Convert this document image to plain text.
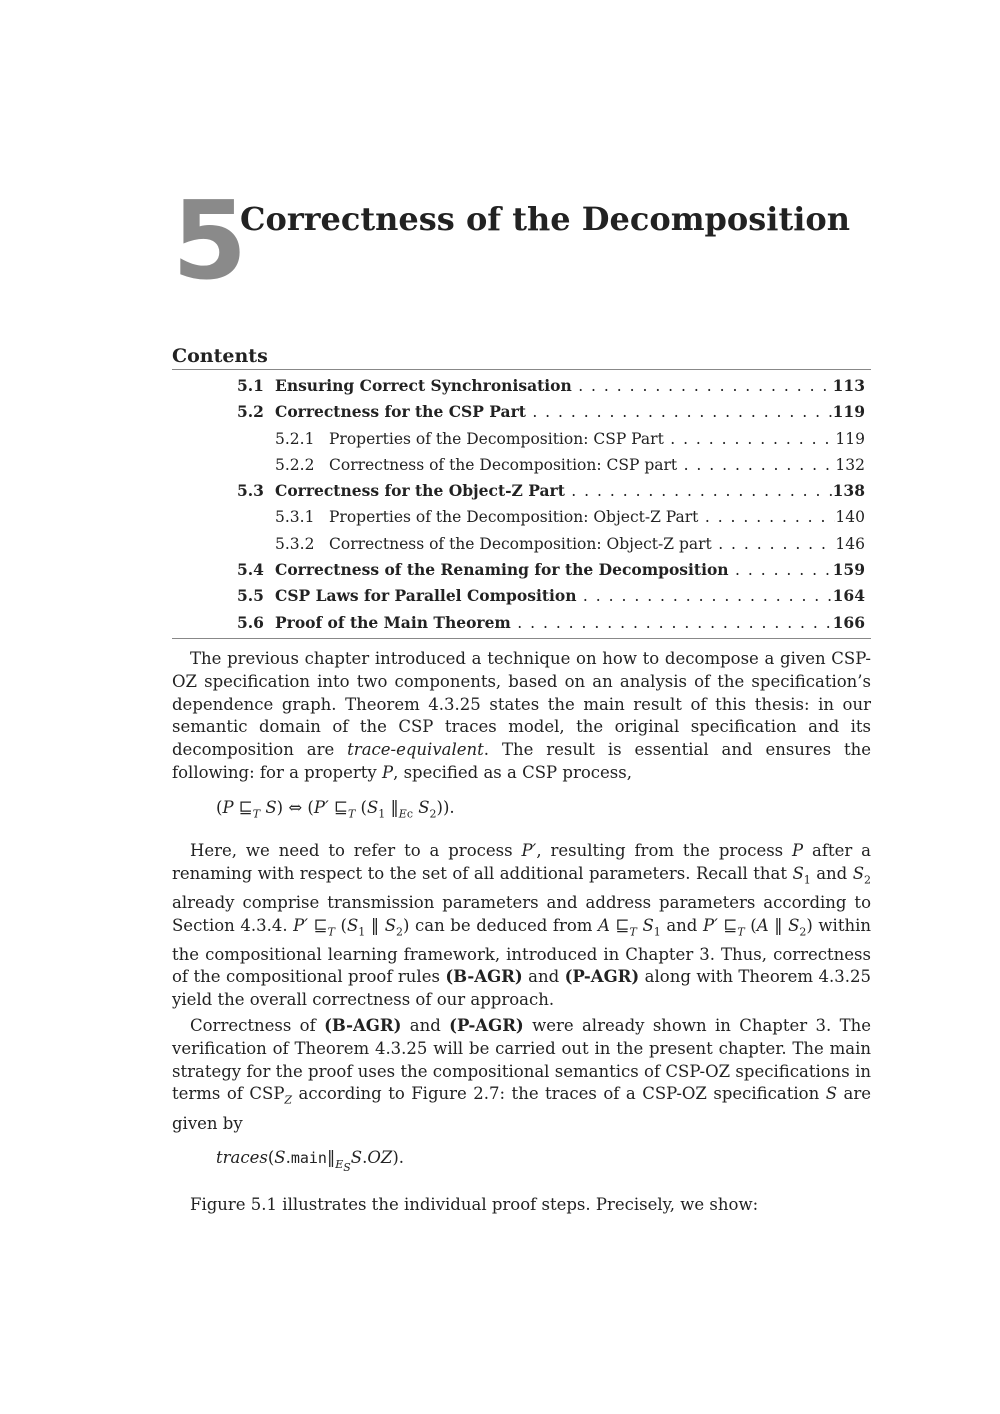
5
Correctness of the Decomposition
Contents
5.1 Ensuring Correct Synchronisation . . .	113
5.2 Correctness for the CSP Part . . .	119
5.2.1 Properties of the Decomposition: CSP Part . . .	119
5.2.2 Correctness of the Decomposition: CSP part . . .	132
5.3 Correctness for the Object-Z Part . . .	138
5.3.1 Properties of the Decomposition: Object-Z Part . . .	140
5.3.2 Correctness of the Decomposition: Object-Z part . . .	146
5.4 Correctness of the Renaming for the Decomposition . . .	159
5.5 CSP Laws for Parallel Composition . . .	164
5.6 Proof of the Main Theorem . . .	166

The previous chapter introduced a technique on how to decompose a given CSP-OZ specification into two components, based on an analysis of the specification’s dependence graph. Theorem 4.3.25 states the main result of this thesis: in our semantic domain of the CSP traces model, the original specification and its decomposition are trace-equivalent. The result is essential and ensures the following: for a property P, specified as a CSP process,

(P $⊑_T$ S) ⇔ (P′ $⊑_T$ ($S_1$ $‖_{Ec}$ $S_2$)).

Here, we need to refer to a process P′, resulting from the process P after a renaming with respect to the set of all additional parameters. Recall that $S_1$ and $S_2$ already comprise transmission parameters and address parameters according to Section 4.3.4. P′ $⊑_T$ ($S_1$ ‖ $S_2$) can be deduced from A $⊑_T$ $S_1$ and P′ $⊑_T$ (A ‖ $S_2$) within the compositional learning framework, introduced in Chapter 3. Thus, correctness of the compositional proof rules (B-AGR) and (P-AGR) along with Theorem 4.3.25 yield the overall correctness of our approach.

Correctness of (B-AGR) and (P-AGR) were already shown in Chapter 3. The verification of Theorem 4.3.25 will be carried out in the present chapter. The main strategy for the proof uses the compositional semantics of CSP-OZ specifications in terms of $CSP_Z$ according to Figure 2.7: the traces of a CSP-OZ specification S are given by

$traces(S.main‖_{E_S}S.OZ)$.

Figure 5.1 illustrates the individual proof steps. Precisely, we show:
